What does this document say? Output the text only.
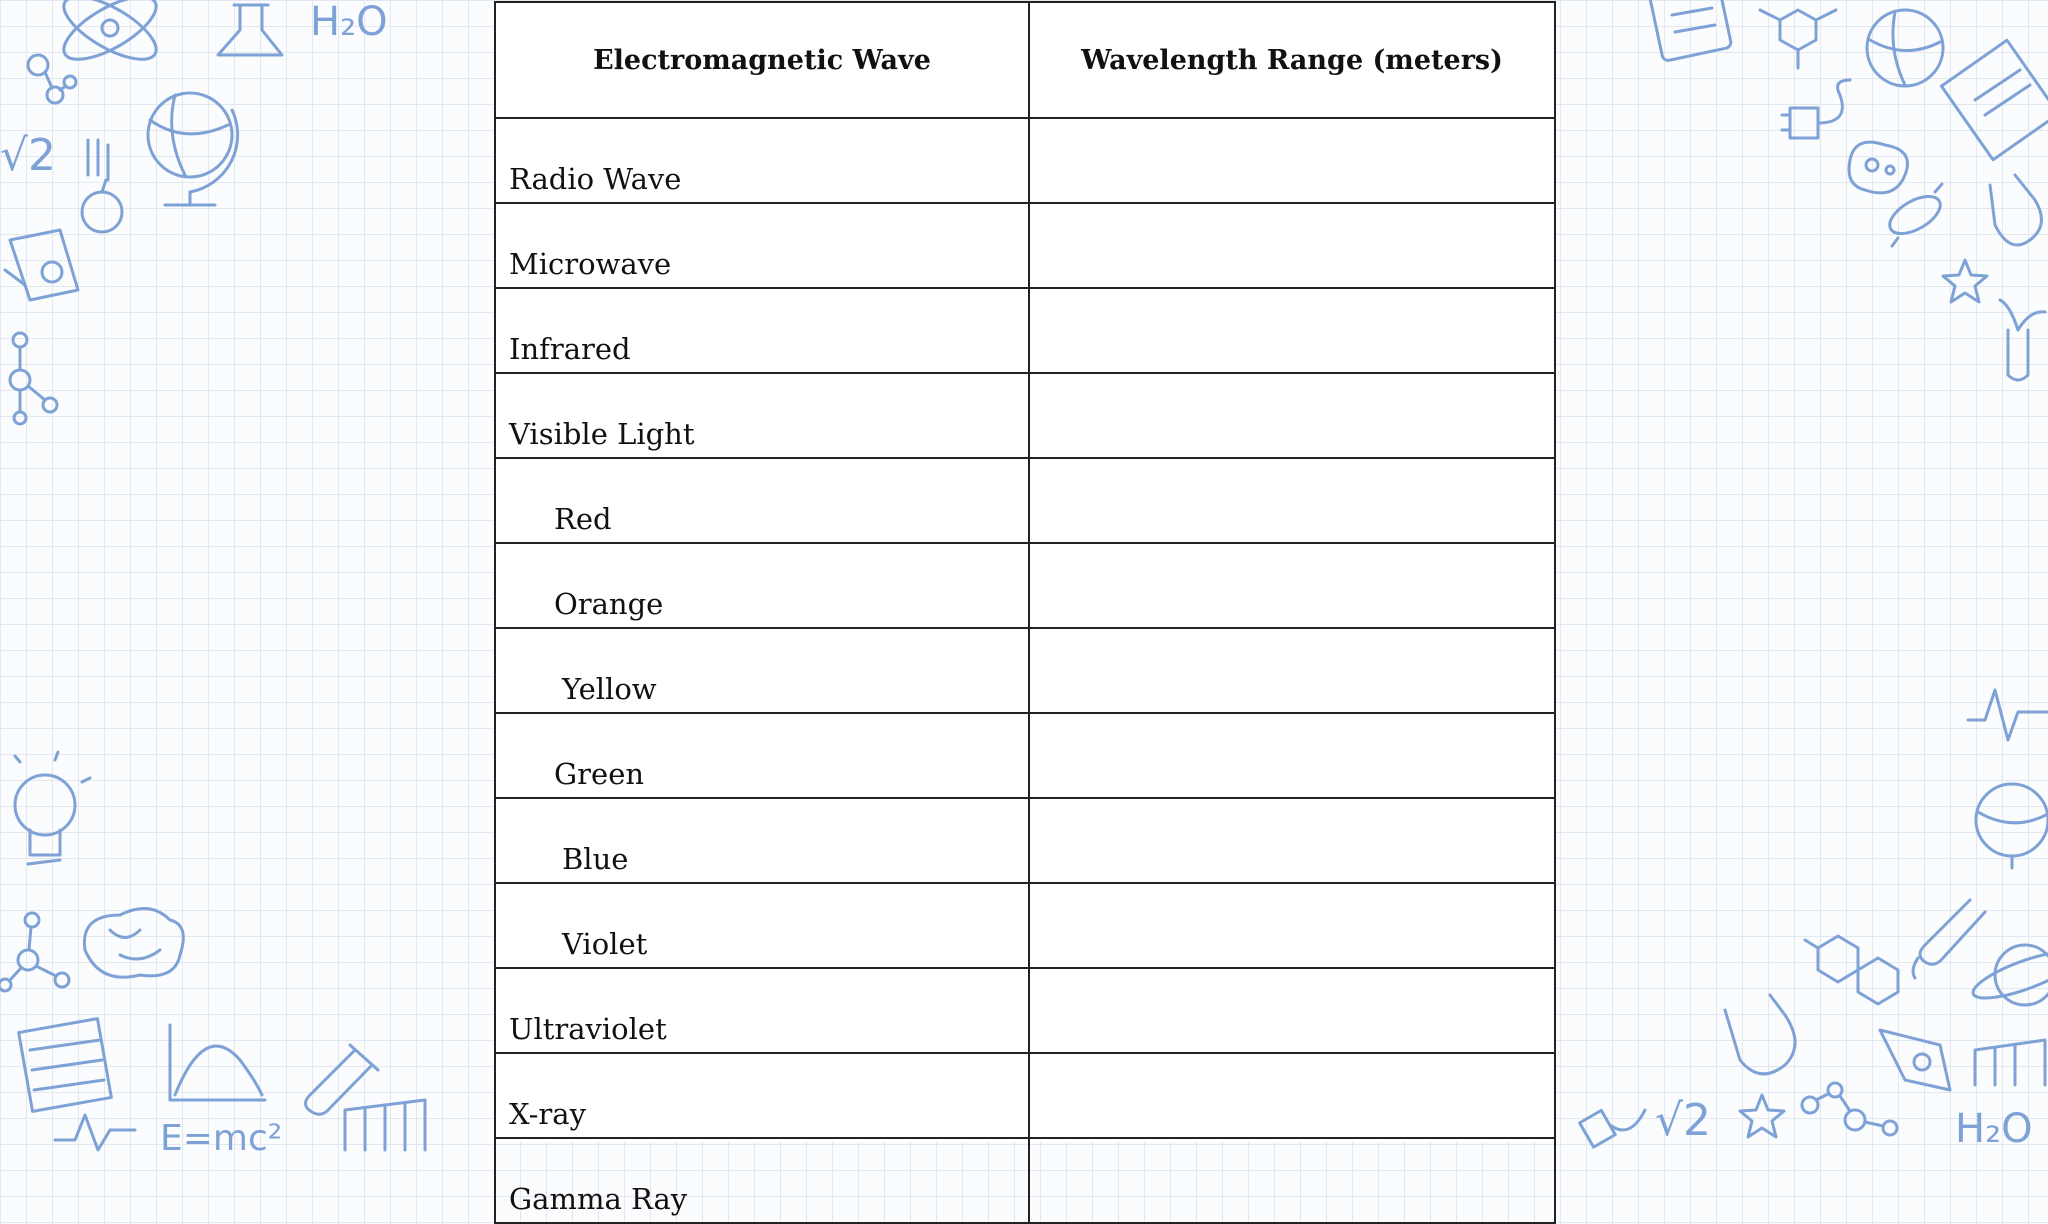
H₂O
√2
E=mc²	√2	H₂O
Electromagnetic Wave	Wavelength Range (meters)
Radio Wave	
Microwave	
Infrared	
Visible Light	
Red	
Orange	
Yellow	
Green	
Blue	
Violet	
Ultraviolet	
X-ray	
Gamma Ray	
